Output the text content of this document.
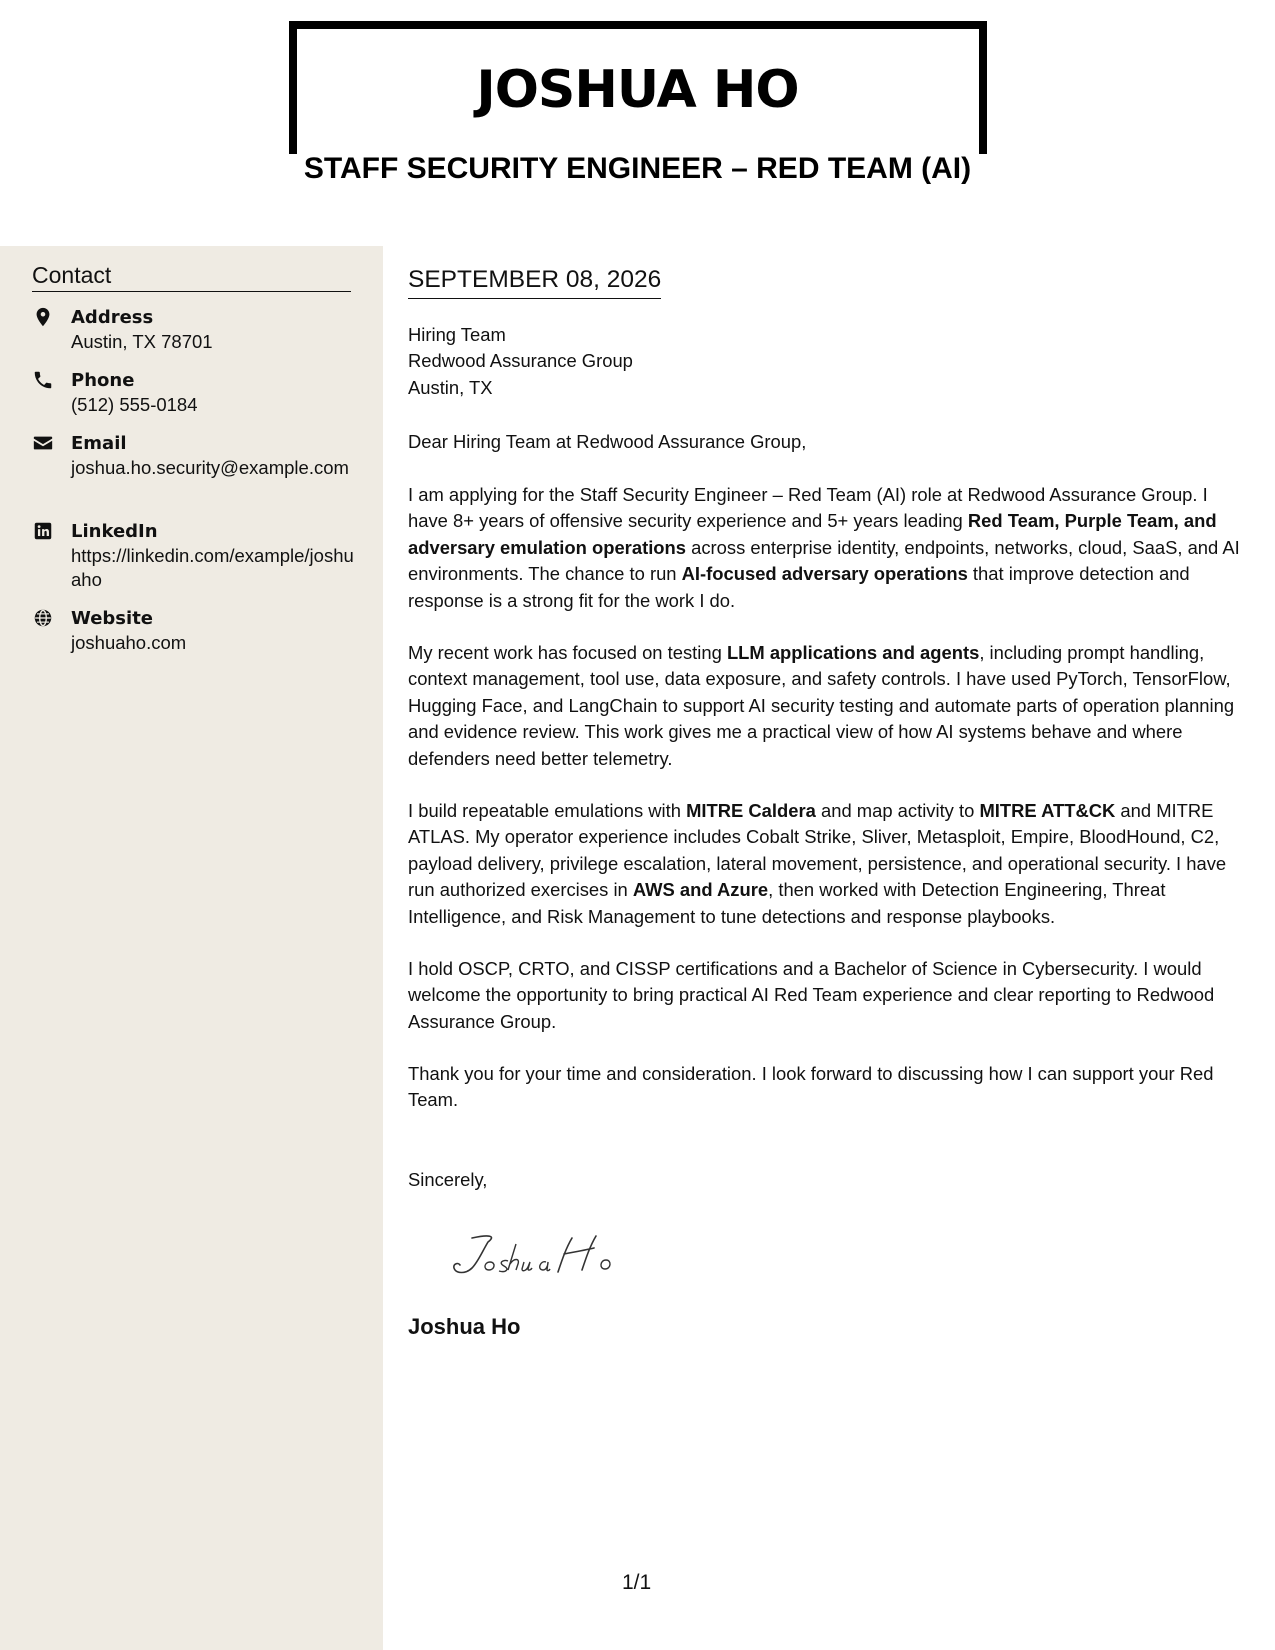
JOSHUA HO
STAFF SECURITY ENGINEER – RED TEAM (AI)
Contact
Address
Austin, TX 78701
Phone
(512) 555-0184
Email
joshua.ho.security@example.com
LinkedIn
https://linkedin.com/example/joshuaho
Website
joshuaho.com
SEPTEMBER 08, 2026
Hiring Team
Redwood Assurance Group
Austin, TX
Dear Hiring Team at Redwood Assurance Group,
I am applying for the Staff Security Engineer – Red Team (AI) role at Redwood Assurance Group. I have 8+ years of offensive security experience and 5+ years leading Red Team, Purple Team, and adversary emulation operations across enterprise identity, endpoints, networks, cloud, SaaS, and AI environments. The chance to run AI-focused adversary operations that improve detection and response is a strong fit for the work I do.
My recent work has focused on testing LLM applications and agents, including prompt handling, context management, tool use, data exposure, and safety controls. I have used PyTorch, TensorFlow, Hugging Face, and LangChain to support AI security testing and automate parts of operation planning and evidence review. This work gives me a practical view of how AI systems behave and where defenders need better telemetry.
I build repeatable emulations with MITRE Caldera and map activity to MITRE ATT&CK and MITRE ATLAS. My operator experience includes Cobalt Strike, Sliver, Metasploit, Empire, BloodHound, C2, payload delivery, privilege escalation, lateral movement, persistence, and operational security. I have run authorized exercises in AWS and Azure, then worked with Detection Engineering, Threat Intelligence, and Risk Management to tune detections and response playbooks.
I hold OSCP, CRTO, and CISSP certifications and a Bachelor of Science in Cybersecurity. I would welcome the opportunity to bring practical AI Red Team experience and clear reporting to Redwood Assurance Group.
Thank you for your time and consideration. I look forward to discussing how I can support your Red Team.
Sincerely,
Joshua Ho
1/1
